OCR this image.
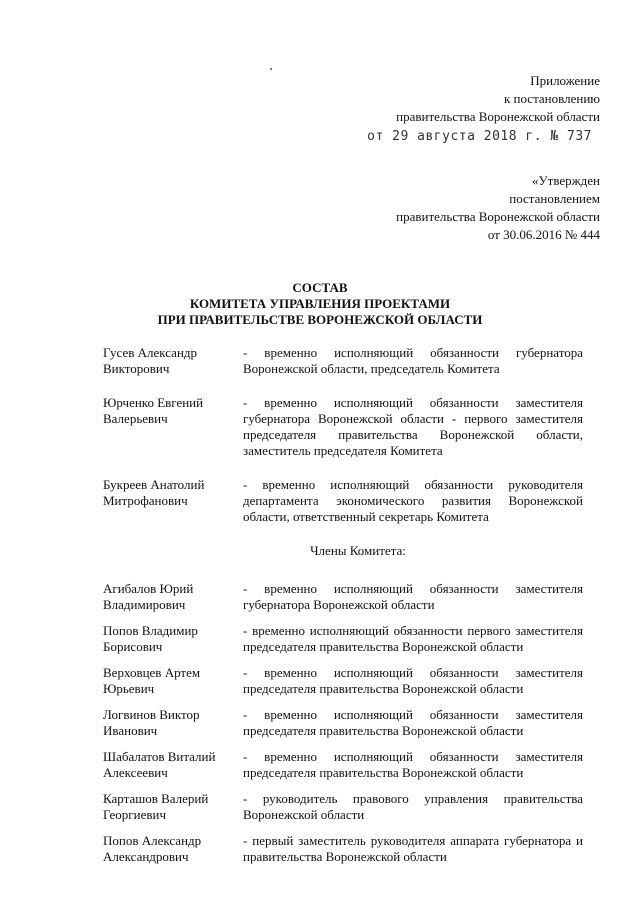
Приложение
к постановлению
правительства Воронежской области
от 29 августа 2018 г. № 737
«Утвержден
постановлением
правительства Воронежской области
от 30.06.2016 № 444
СОСТАВ
КОМИТЕТА УПРАВЛЕНИЯ ПРОЕКТАМИ
ПРИ ПРАВИТЕЛЬСТВЕ ВОРОНЕЖСКОЙ ОБЛАСТИ
Гусев Александр Викторович
- временно исполняющий обязанности губернатора Воронежской области, председатель Комитета
Юрченко Евгений Валерьевич
- временно исполняющий обязанности заместителя губернатора Воронежской области - первого заместителя председателя правительства Воронежской области, заместитель председателя Комитета
Букреев Анатолий Митрофанович
- временно исполняющий обязанности руководителя департамента экономического развития Воронежской области, ответственный секретарь Комитета
Члены Комитета:
Агибалов Юрий Владимирович
- временно исполняющий обязанности заместителя губернатора Воронежской области
Попов Владимир Борисович
- временно исполняющий обязанности первого заместителя председателя правительства Воронежской области
Верховцев Артем Юрьевич
- временно исполняющий обязанности заместителя председателя правительства Воронежской области
Логвинов Виктор Иванович
- временно исполняющий обязанности заместителя председателя правительства Воронежской области
Шабалатов Виталий Алексеевич
- временно исполняющий обязанности заместителя председателя правительства Воронежской области
Карташов Валерий Георгиевич
- руководитель правового управления правительства Воронежской области
Попов Александр Александрович
- первый заместитель руководителя аппарата губернатора и правительства Воронежской области
